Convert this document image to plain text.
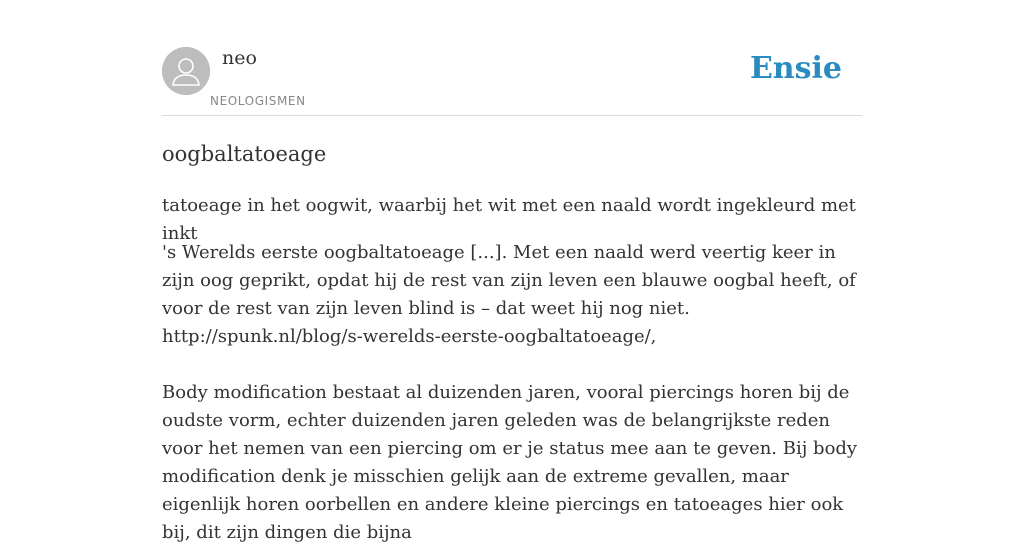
neo
NEOLOGISMEN
Ensie
oogbaltatoeage

tatoeage in het oogwit, waarbij het wit met een naald wordt ingekleurd met inkt

's Werelds eerste oogbaltatoeage [...]. Met een naald werd veertig keer in zijn oog geprikt, opdat hij de rest van zijn leven een blauwe oogbal heeft, of voor de rest van zijn leven blind is – dat weet hij nog niet.
http://spunk.nl/blog/s-werelds-eerste-oogbaltatoeage/,

Body modification bestaat al duizenden jaren, vooral piercings horen bij de oudste vorm, echter duizenden jaren geleden was de belangrijkste reden voor het nemen van een piercing om er je status mee aan te geven. Bij body modification denk je misschien gelijk aan de extreme gevallen, maar eigenlijk horen oorbellen en andere kleine piercings en tatoeages hier ook bij, dit zijn dingen die bijna
